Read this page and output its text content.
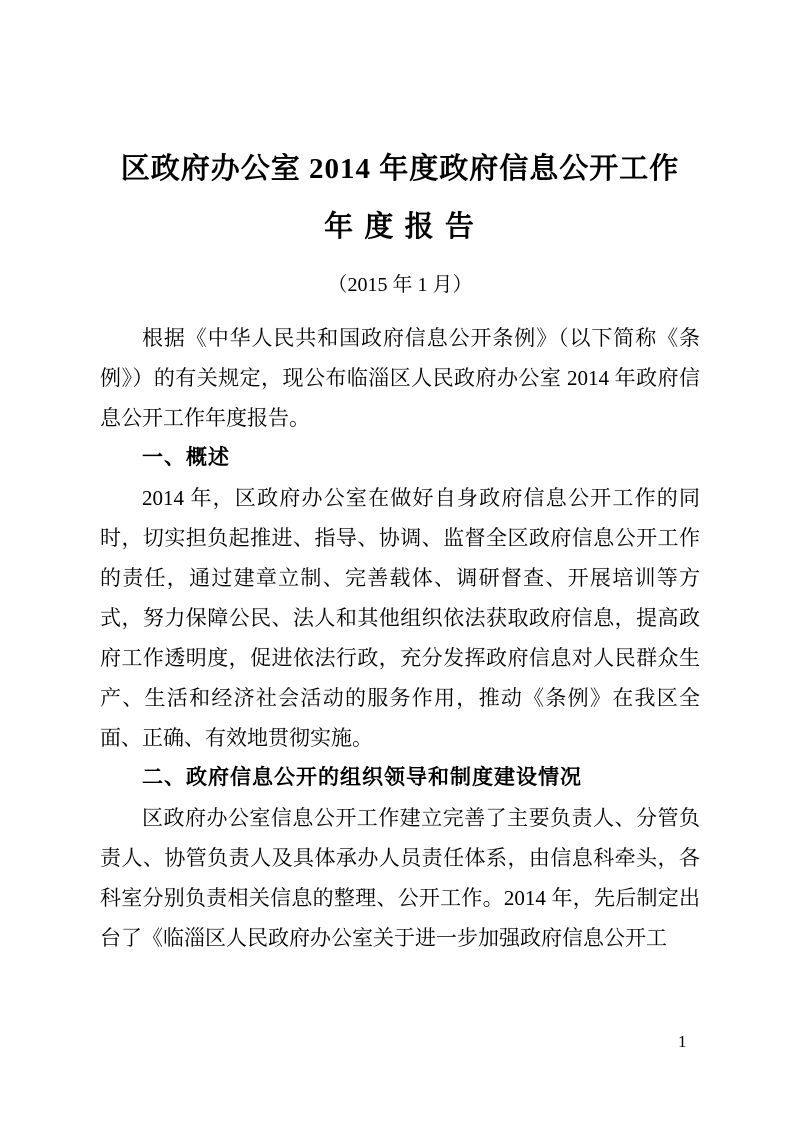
区政府办公室 2014 年度政府信息公开工作
年 度 报 告
（2015 年 1 月）

根据《中华人民共和国政府信息公开条例》（以下简称《条例》）的有关规定，现公布临淄区人民政府办公室 2014 年政府信息公开工作年度报告。

一、概述

2014 年，区政府办公室在做好自身政府信息公开工作的同时，切实担负起推进、指导、协调、监督全区政府信息公开工作的责任，通过建章立制、完善载体、调研督查、开展培训等方式，努力保障公民、法人和其他组织依法获取政府信息，提高政府工作透明度，促进依法行政，充分发挥政府信息对人民群众生产、生活和经济社会活动的服务作用，推动《条例》在我区全面、正确、有效地贯彻实施。

二、政府信息公开的组织领导和制度建设情况

区政府办公室信息公开工作建立完善了主要负责人、分管负责人、协管负责人及具体承办人员责任体系，由信息科牵头，各科室分别负责相关信息的整理、公开工作。2014 年，先后制定出台了《临淄区人民政府办公室关于进一步加强政府信息公开工

1
